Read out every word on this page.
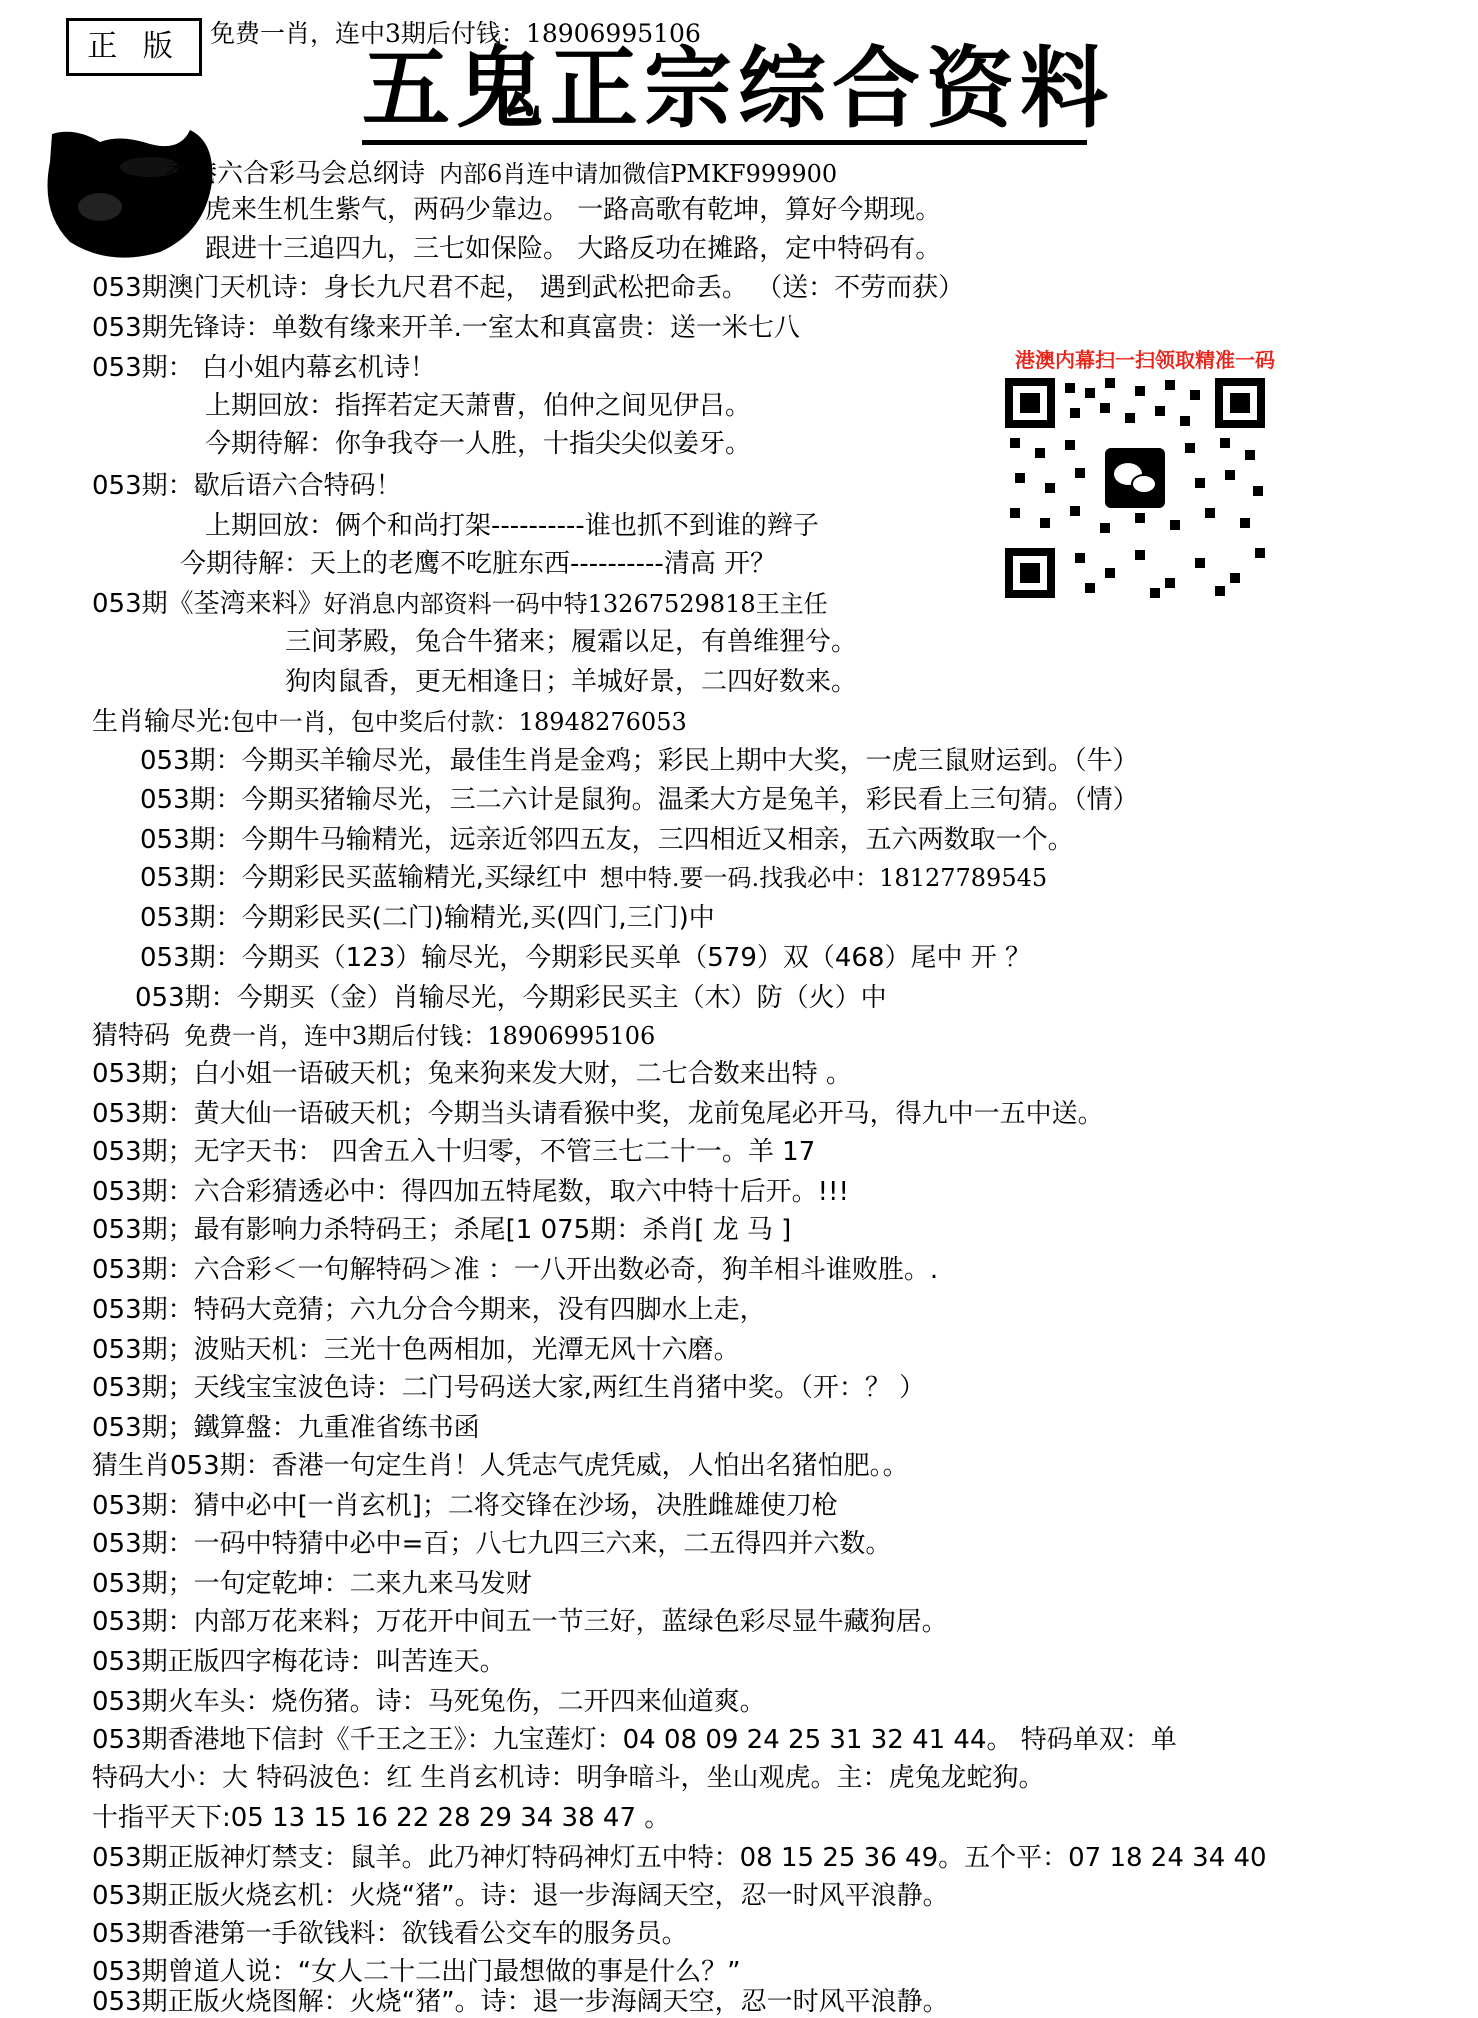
正 版	免费一肖，连中3期后付钱：18906995106
五鬼正宗综合资料
港澳内幕扫一扫领取精准一码
香港六合彩马会总纲诗 内部6肖连中请加微信PMKF999900
虎来生机生紫气，两码少靠边。 一路高歌有乾坤，算好今期现。
跟进十三追四九，三七如保险。 大路反功在摊路，定中特码有。
053期澳门天机诗：身长九尺君不起， 遇到武松把命丢。 （送：不劳而获）
053期先锋诗：单数有缘来开羊.一室太和真富贵：送一米七八
053期： 白小姐内幕玄机诗！
上期回放：指挥若定天萧曹，伯仲之间见伊吕。
今期待解：你争我夺一人胜，十指尖尖似姜牙。
053期：歇后语六合特码！
上期回放：俩个和尚打架----------谁也抓不到谁的辫子
今期待解：天上的老鹰不吃脏东西----------清高 开？
053期《荃湾来料》好消息内部资料一码中特13267529818王主任
三间茅殿，兔合牛猪来；履霜以足，有兽维狸兮。
狗肉鼠香，更无相逢日；羊城好景，二四好数来。
生肖输尽光:包中一肖，包中奖后付款：18948276053
053期：今期买羊输尽光，最佳生肖是金鸡；彩民上期中大奖，一虎三鼠财运到。（牛）
053期：今期买猪输尽光，三二六计是鼠狗。温柔大方是兔羊，彩民看上三句猜。（情）
053期：今期牛马输精光，远亲近邻四五友，三四相近又相亲，五六两数取一个。
053期：今期彩民买蓝输精光,买绿红中 想中特.要一码.找我必中：18127789545
053期：今期彩民买(二门)输精光,买(四门,三门)中
053期：今期买（123）输尽光，今期彩民买单（579）双（468）尾中 开 ？
053期：今期买（金）肖输尽光，今期彩民买主（木）防（火）中
猜特码 免费一肖，连中3期后付钱：18906995106
053期；白小姐一语破天机；兔来狗来发大财，二七合数来出特 。
053期：黄大仙一语破天机；今期当头请看猴中奖，龙前兔尾必开马，得九中一五中送。
053期；无字天书： 四舍五入十归零，不管三七二十一。羊 17
053期：六合彩猜透必中：得四加五特尾数，取六中特十后开。!!!
053期；最有影响力杀特码王；杀尾[1 075期：杀肖[ 龙 马 ]
053期：六合彩＜一句解特码＞准 ：一八开出数必奇，狗羊相斗谁败胜。.
053期：特码大竞猜；六九分合今期来，没有四脚水上走，
053期；波贴天机：三光十色两相加，光潭无风十六磨。
053期；天线宝宝波色诗：二门号码送大家,两红生肖猪中奖。（开：？ ）
053期；鐵算盤：九重准省练书函
猜生肖053期：香港一句定生肖！人凭志气虎凭威，人怕出名猪怕肥。。
053期：猜中必中[一肖玄机]；二将交锋在沙场，决胜雌雄使刀枪
053期：一码中特猜中必中=百；八七九四三六来，二五得四并六数。
053期；一句定乾坤：二来九来马发财
053期：内部万花来料；万花开中间五一节三好，蓝绿色彩尽显牛藏狗居。
053期正版四字梅花诗：叫苦连天。
053期火车头：烧伤猪。诗：马死兔伤，二开四来仙道爽。
053期香港地下信封《千王之王》：九宝莲灯：04 08 09 24 25 31 32 41 44。 特码单双：单
特码大小：大 特码波色：红 生肖玄机诗：明争暗斗，坐山观虎。主：虎兔龙蛇狗。
十指平天下:05 13 15 16 22 28 29 34 38 47 。
053期正版神灯禁支：鼠羊。此乃神灯特码神灯五中特：08 15 25 36 49。五个平：07 18 24 34 40
053期正版火烧玄机：火烧“猪”。诗：退一步海阔天空，忍一时风平浪静。
053期香港第一手欲钱料：欲钱看公交车的服务员。
053期曾道人说：“女人二十二出门最想做的事是什么？”
053期正版火烧图解：火烧“猪”。诗：退一步海阔天空，忍一时风平浪静。
